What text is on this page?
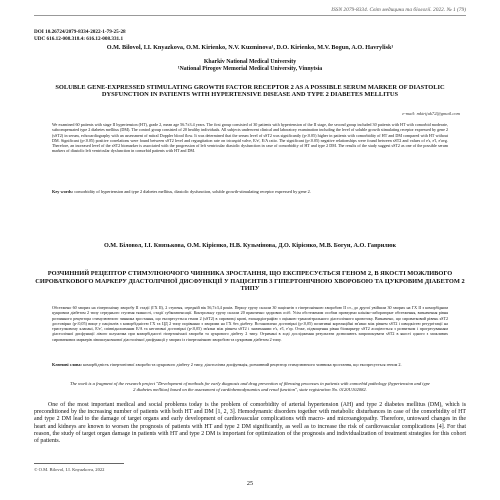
ISSN 2079-8334. Світ медицини та біології. 2022. № 1 (79)
DOI 10.26724/2079-8334-2022-1-79-25-28
UDC 616.12-008.318.4: 616.12-008.331.1
O.M. Bilovol, I.I. Knyazkova, O.M. Kirienko, N.V. Kuzminova¹, D.O. Kirienko, M.V. Bogun, A.O. Havrylisk¹
Kharkiv National Medical University
¹National Pirogov Memorial Medical University, Vinnytsia
SOLUBLE GENE-EXPRESSED STIMULATING GROWTH FACTOR RECEPTOR 2 AS A POSSIBLE SERUM MARKER OF DIASTOLIC DYSFUNCTION IN PATIENTS WITH HYPERTENSIVE DISEASE AND TYPE 2 DIABETES MELLITUS
e-mail: mkirijuk72@gmail.com
We examined 60 patients with stage II hypertension (HT), grade 2, mean age 56.7±3.4 years. The first group consisted of 30 patients with hypertension of the II stage, the second group included 30 patients with HT with comorbid moderate, subcompensated type 2 diabetes mellitus (DM). The control group consisted of 20 healthy individuals. All subjects underwent clinical and laboratory examination including the level of soluble growth stimulating receptor expressed by gene 2 (sST2) in serum, echocardiography with an assessment of mitral Doppler blood flow. It was determined that the serum level of sST2 was significantly (p<0.05) higher in patients with comorbidity of HT and DM compared with HT without DM. Significant (p<0.05) positive correlations were found between sST2 level and regurgitation rate on tricuspid valve, E/e', E/A ratio. The significant (p<0.05) negative relationships were found between sST2 and values of e's, e'l, e'avg. Therefore, an increased level of the sST2 biomarker is associated with the progression of left ventricular diastolic dysfunction in case of comorbidity of HT and type 2 DM. The results of the study suggest sST2 as one of the possible serum markers of diastolic left ventricular dysfunction in comorbid patients with HT and DM.
Key words: comorbidity of hypertension and type 2 diabetes mellitus, diastolic dysfunction, soluble growth-stimulating receptor expressed by gene 2.
О.М. Біловол, І.І. Князькова, О.М. Кірієнко, Н.В. Кузьмінова, Д.О. Кірієнко, М.В. Богун, А.О. Гаврилюк
РОЗЧИННИЙ РЕЦЕПТОР СТИМУЛЮЮЧОГО ЧИННИКА ЗРОСТАННЯ, ЩО ЕКСПРЕСУЄТЬСЯ ГЕНОМ 2, В ЯКОСТІ МОЖЛИВОГО СИРОВАТКОВОГО МАРКЕРУ ДІАСТОЛІЧНОЇ ДИСФУНКЦІЇ У ПАЦІЄНТІВ З ГІПЕРТОНІЧНОЮ ХВОРОБОЮ ТА ЦУКРОВИМ ДІАБЕТОМ 2 ТИПУ
Обстежено 60 хворих на гіпертонічну хворобу II стадії (ГХ II), 2 ступеня, середній вік 56,7±3,4 років. Першу групу склали 30 пацієнтів з гіпертонічною хворобою II ст., до другої увійшли 30 хворих на ГХ II з коморбідним цукровим діабетом 2 типу середнього ступеня тяжкості, стадії субкомпенсації. Контрольну групу склали 20 практично здорових осіб. Усім обстеженим особам проведено клініко-лабораторне обстеження, визначення рівня розчинного рецептора стимулюючого чинника зростання, що експресується геном 2 (sST2) в сироватці крові, ехокардіографію з оцінкою трансмітрального діастолічного кровотоку. Визначено, що сироватковий рівень sST2 достовірно (p<0,05) вище у пацієнтів з коморбідністю ГХ та ЦД 2 типу порівняно з хворими на ГХ без діабету. Встановлено достовірні (p<0,05) позитивні кореляційні зв'язки між рівнем sST2 і швидкістю регургітації на тристулковому клапані, E/e', співвідношенням E/A та негативні достовірні (p<0,05) зв'язки між рівнем sST2 і значеннями e's, e'l, e'ср. Отже, підвищення рівня біомаркеру sST2 асоціюється з розвитком і прогресуванням діастолічної дисфункції лівого шлуночка при коморбідності гіпертонічної хвороби та цукрового діабету 2 типу. Отримані в ході дослідження результати дозволяють запропонувати sST2 в якості одного з можливих сироваткових маркерів лівошлуночкової діастолічної дисфункції у хворих із гіпертонічною хворобою та цукровим діабетом 2 типу.
Ключові слова: коморбідність гіпертонічної хвороби та цукрового діабету 2 типу, діастолічна дисфункція, розчинний рецептор стимулюючого чинника зростання, що експресується геном 2.
The work is a fragment of the research project "Development of methods for early diagnosis and drug prevention of fibrosing processes in patients with comorbid pathology (hypertension and type 2 diabetes mellitus) based on the assessment of cardiohemodynamics and renal function", state registration No. 0120U102082.
One of the most important medical and social problems today is the problem of comorbidity of arterial hypertension (AH) and type 2 diabetes mellitus (DM), which is preconditioned by the increasing number of patients with both HT and DM [1, 2, 3]. Hemodynamic disorders together with metabolic disturbances in case of the comorbidity of HT and type 2 DM lead to the damage of target organs and early development of cardiovascular complications with macro- and microangiopathy. Therefore, untoward changes in the heart and kidneys are known to worsen the prognosis of patients with HT and type 2 DM significantly, as well as to increase the risk of cardiovascular complications [4]. For that reason, the study of target organ damage in patients with HT and type 2 DM is important for optimization of the prognosis and individualization of treatment strategies for this cohort of patients.
© O.M. Bilovol, I.I. Knyazkova, 2022
25
